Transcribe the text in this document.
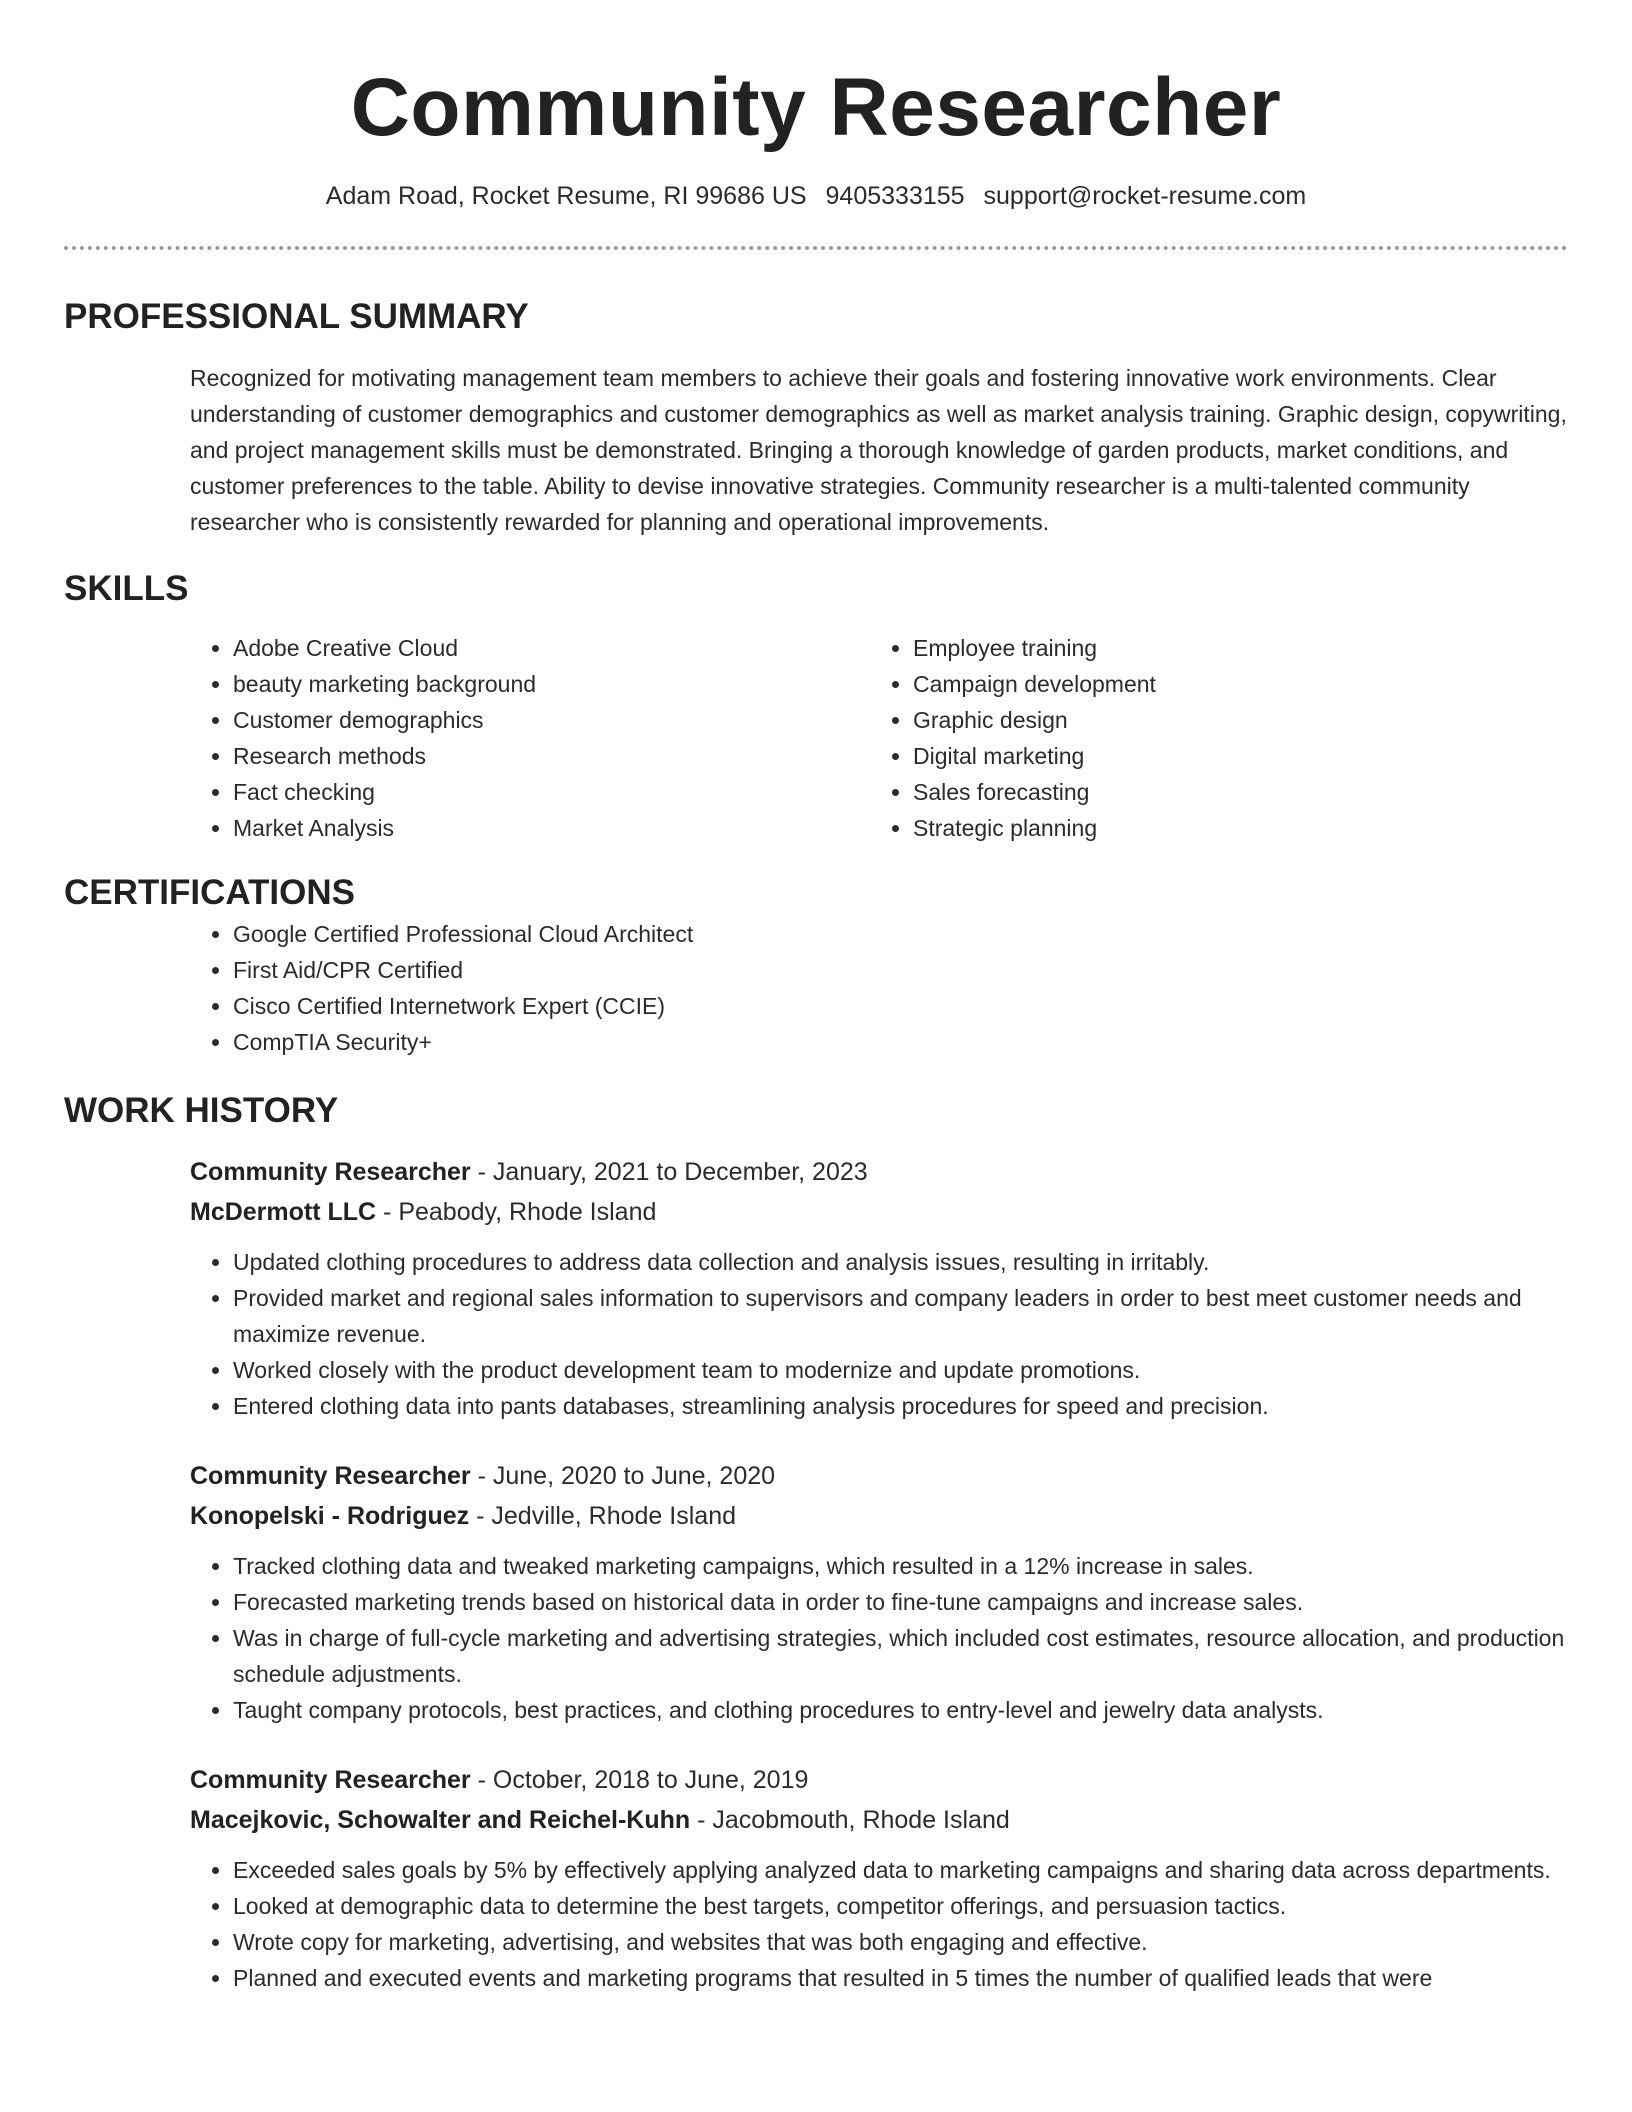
Community Researcher
Adam Road, Rocket Resume, RI 99686 US 9405333155 support@rocket-resume.com
PROFESSIONAL SUMMARY

Recognized for motivating management team members to achieve their goals and fostering innovative work environments. Clear understanding of customer demographics and customer demographics as well as market analysis training. Graphic design, copywriting, and project management skills must be demonstrated. Bringing a thorough knowledge of garden products, market conditions, and customer preferences to the table. Ability to devise innovative strategies. Community researcher is a multi-talented community researcher who is consistently rewarded for planning and operational improvements.

SKILLS
• Adobe Creative Cloud
• beauty marketing background
• Customer demographics
• Research methods
• Fact checking
• Market Analysis
• Employee training
• Campaign development
• Graphic design
• Digital marketing
• Sales forecasting
• Strategic planning
CERTIFICATIONS
• Google Certified Professional Cloud Architect
• First Aid/CPR Certified
• Cisco Certified Internetwork Expert (CCIE)
• CompTIA Security+
WORK HISTORY
Community Researcher - January, 2021 to December, 2023
McDermott LLC - Peabody, Rhode Island
• Updated clothing procedures to address data collection and analysis issues, resulting in irritably.
• Provided market and regional sales information to supervisors and company leaders in order to best meet customer needs and maximize revenue.
• Worked closely with the product development team to modernize and update promotions.
• Entered clothing data into pants databases, streamlining analysis procedures for speed and precision.
Community Researcher - June, 2020 to June, 2020
Konopelski - Rodriguez - Jedville, Rhode Island
• Tracked clothing data and tweaked marketing campaigns, which resulted in a 12% increase in sales.
• Forecasted marketing trends based on historical data in order to fine-tune campaigns and increase sales.
• Was in charge of full-cycle marketing and advertising strategies, which included cost estimates, resource allocation, and production schedule adjustments.
• Taught company protocols, best practices, and clothing procedures to entry-level and jewelry data analysts.
Community Researcher - October, 2018 to June, 2019
Macejkovic, Schowalter and Reichel-Kuhn - Jacobmouth, Rhode Island
• Exceeded sales goals by 5% by effectively applying analyzed data to marketing campaigns and sharing data across departments.
• Looked at demographic data to determine the best targets, competitor offerings, and persuasion tactics.
• Wrote copy for marketing, advertising, and websites that was both engaging and effective.
• Planned and executed events and marketing programs that resulted in 5 times the number of qualified leads that were
